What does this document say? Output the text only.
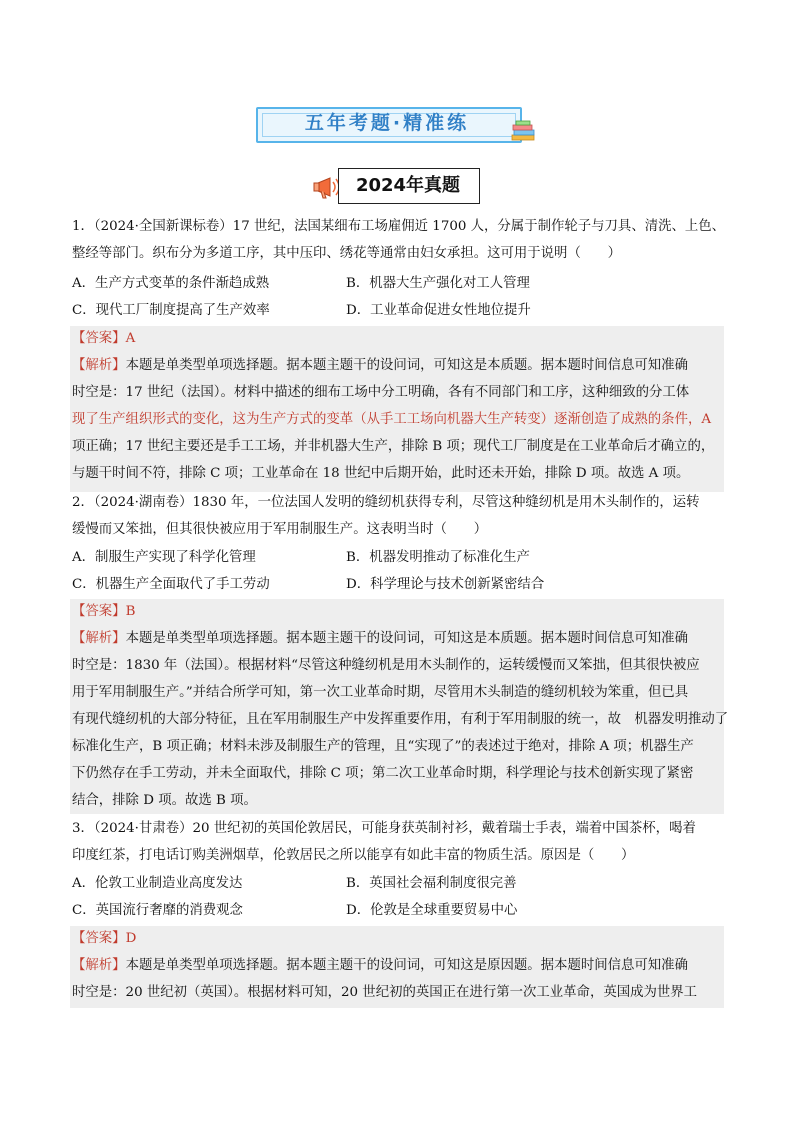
五年考题·精准练
2024年真题
1．（2024·全国新课标卷）17 世纪，法国某细布工场雇佣近 1700 人，分属于制作轮子与刀具、清洗、上色、
整经等部门。织布分为多道工序，其中压印、绣花等通常由妇女承担。这可用于说明（　　）
A．生产方式变革的条件渐趋成熟	B．机器大生产强化对工人管理
C．现代工厂制度提高了生产效率	D．工业革命促进女性地位提升
【答案】A
【解析】本题是单类型单项选择题。据本题主题干的设问词，可知这是本质题。据本题时间信息可知准确
时空是：17 世纪（法国）。材料中描述的细布工场中分工明确，各有不同部门和工序，这种细致的分工体
现了生产组织形式的变化，这为生产方式的变革（从手工工场向机器大生产转变）逐渐创造了成熟的条件，A
项正确；17 世纪主要还是手工工场，并非机器大生产，排除 B 项；现代工厂制度是在工业革命后才确立的，
与题干时间不符，排除 C 项；工业革命在 18 世纪中后期开始，此时还未开始，排除 D 项。故选 A 项。
2．（2024·湖南卷）1830 年，一位法国人发明的缝纫机获得专利，尽管这种缝纫机是用木头制作的，运转
缓慢而又笨拙，但其很快被应用于军用制服生产。这表明当时（　　）
A．制服生产实现了科学化管理	B．机器发明推动了标准化生产
C．机器生产全面取代了手工劳动	D．科学理论与技术创新紧密结合
【答案】B
【解析】本题是单类型单项选择题。据本题主题干的设问词，可知这是本质题。据本题时间信息可知准确
时空是：1830 年（法国）。根据材料“尽管这种缝纫机是用木头制作的，运转缓慢而又笨拙，但其很快被应
用于军用制服生产。”并结合所学可知，第一次工业革命时期，尽管用木头制造的缝纫机较为笨重，但已具
有现代缝纫机的大部分特征，且在军用制服生产中发挥重要作用，有利于军用制服的统一，故　机器发明推动了
标准化生产，B 项正确；材料未涉及制服生产的管理，且“实现了”的表述过于绝对，排除 A 项；机器生产
下仍然存在手工劳动，并未全面取代，排除 C 项；第二次工业革命时期，科学理论与技术创新实现了紧密
结合，排除 D 项。故选 B 项。
3．（2024·甘肃卷）20 世纪初的英国伦敦居民，可能身获英制衬衫，戴着瑞士手表，端着中国茶杯，喝着
印度红茶，打电话订购美洲烟草，伦敦居民之所以能享有如此丰富的物质生活。原因是（　　）
A．伦敦工业制造业高度发达	B．英国社会福利制度很完善
C．英国流行奢靡的消费观念	D．伦敦是全球重要贸易中心
【答案】D
【解析】本题是单类型单项选择题。据本题主题干的设问词，可知这是原因题。据本题时间信息可知准确
时空是：20 世纪初（英国）。根据材料可知，20 世纪初的英国正在进行第一次工业革命，英国成为世界工
